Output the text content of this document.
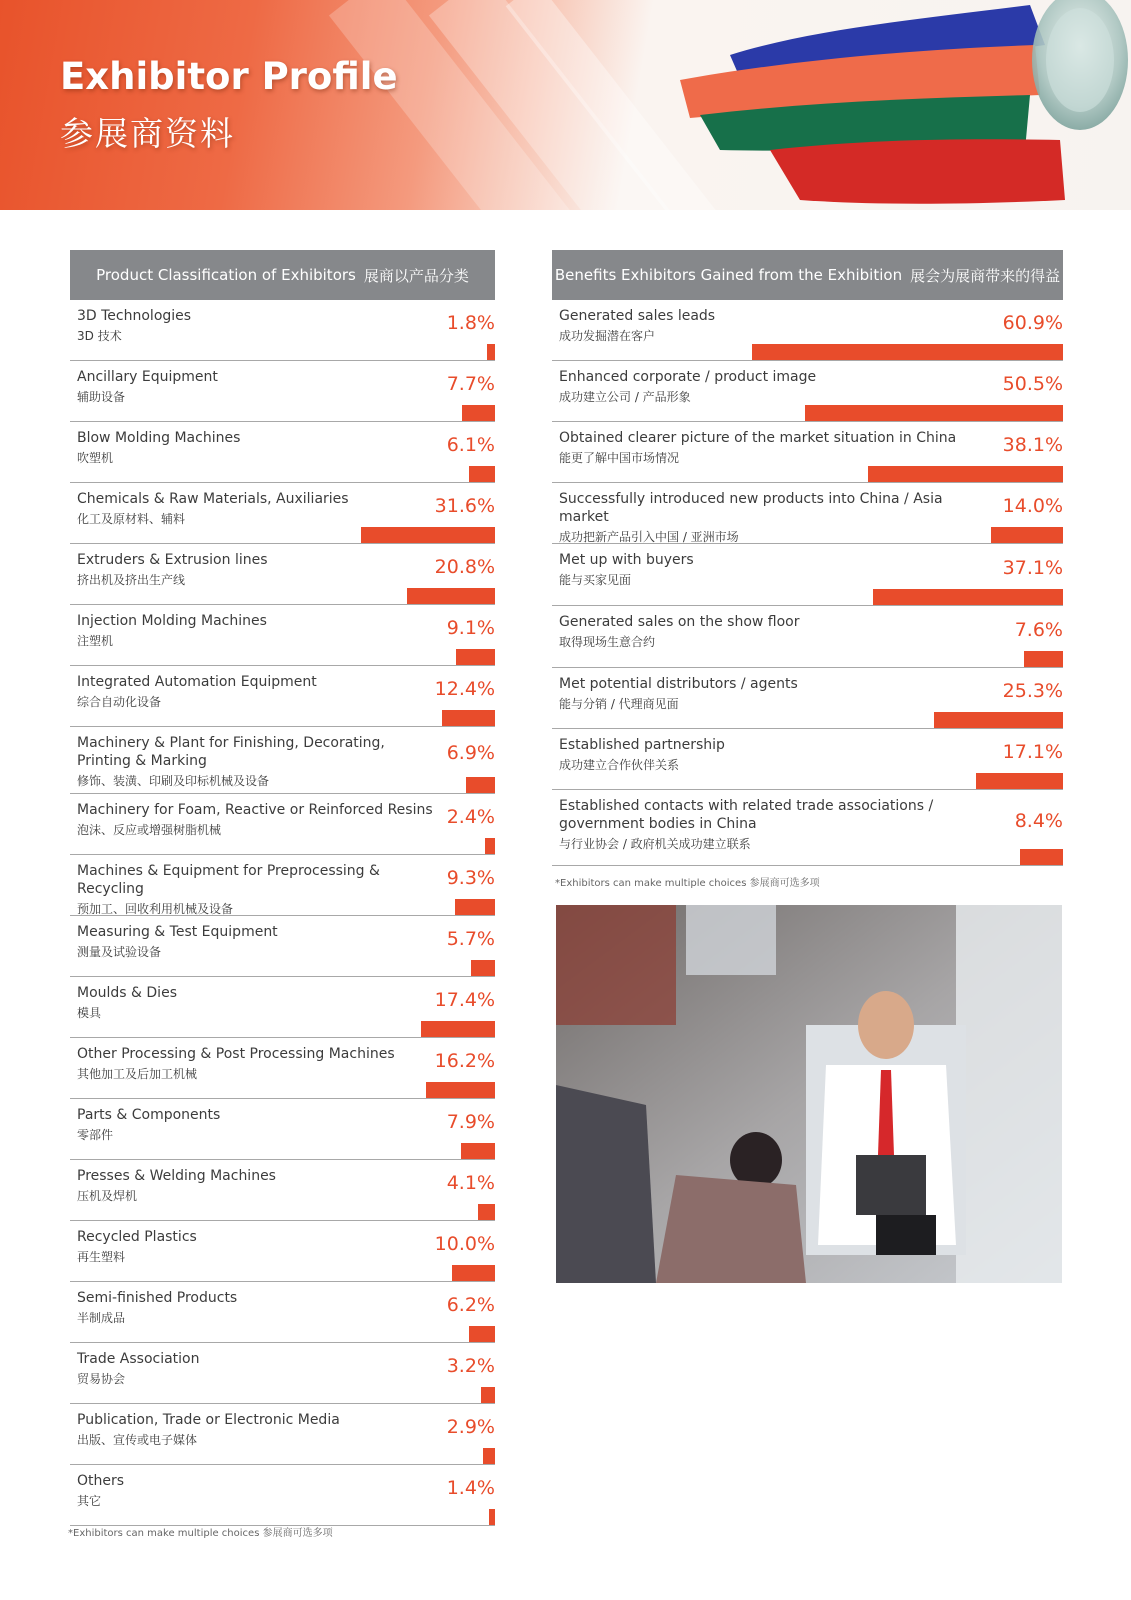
Exhibitor Profile
参展商资料
Product Classification of Exhibitors 展商以产品分类
3D Technologies
3D 技术
1.8%
Ancillary Equipment
辅助设备
7.7%
Blow Molding Machines
吹塑机
6.1%
Chemicals & Raw Materials, Auxiliaries
化工及原材料、辅料
31.6%
Extruders & Extrusion lines
挤出机及挤出生产线
20.8%
Injection Molding Machines
注塑机
9.1%
Integrated Automation Equipment
综合自动化设备
12.4%
Machinery & Plant for Finishing, Decorating, Printing & Marking
修饰、装潢、印刷及印标机械及设备
6.9%
Machinery for Foam, Reactive or Reinforced Resins
泡沫、反应或增强树脂机械
2.4%
Machines & Equipment for Preprocessing & Recycling
预加工、回收利用机械及设备
9.3%
Measuring & Test Equipment
测量及试验设备
5.7%
Moulds & Dies
模具
17.4%
Other Processing & Post Processing Machines
其他加工及后加工机械
16.2%
Parts & Components
零部件
7.9%
Presses & Welding Machines
压机及焊机
4.1%
Recycled Plastics
再生塑料
10.0%
Semi-finished Products
半制成品
6.2%
Trade Association
贸易协会
3.2%
Publication, Trade or Electronic Media
出版、宣传或电子媒体
2.9%
Others
其它
1.4%
*Exhibitors can make multiple choices 参展商可选多项
Benefits Exhibitors Gained from the Exhibition 展会为展商带来的得益
Generated sales leads
成功发掘潜在客户
60.9%
Enhanced corporate / product image
成功建立公司 / 产品形象
50.5%
Obtained clearer picture of the market situation in China
能更了解中国市场情况
38.1%
Successfully introduced new products into China / Asia market
成功把新产品引入中国 / 亚洲市场
14.0%
Met up with buyers
能与买家见面
37.1%
Generated sales on the show floor
取得现场生意合约
7.6%
Met potential distributors / agents
能与分销 / 代理商见面
25.3%
Established partnership
成功建立合作伙伴关系
17.1%
Established contacts with related trade associations / government bodies in China
与行业协会 / 政府机关成功建立联系
8.4%
*Exhibitors can make multiple choices 参展商可选多项
